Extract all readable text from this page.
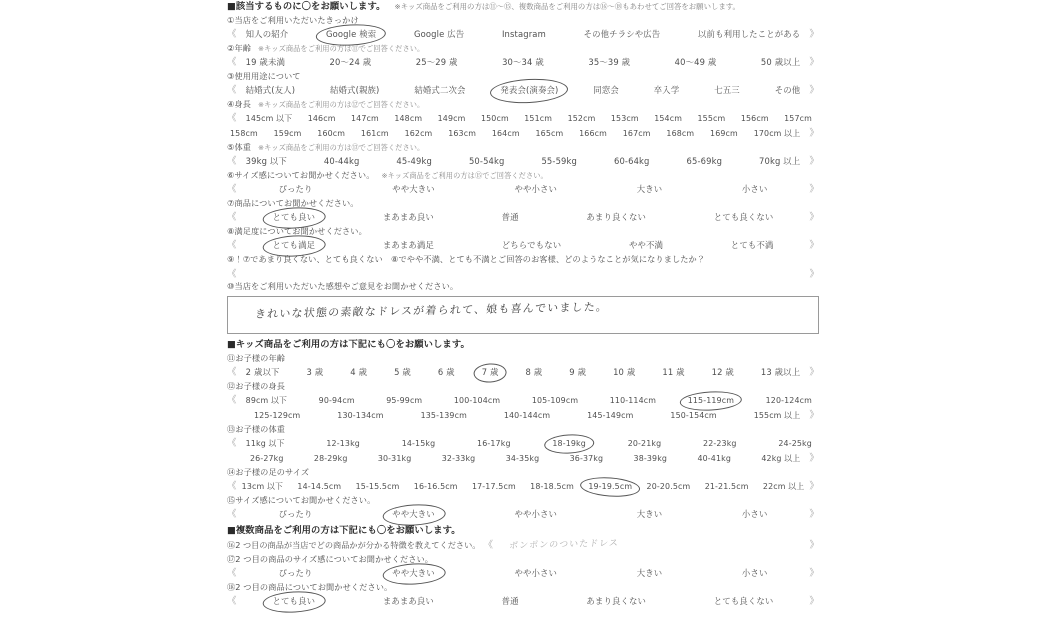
■該当するものに〇をお願いします。 ※キッズ商品をご利用の方は⑪～⑮、複数商品をご利用の方は⑯～⑱もあわせてご回答をお願いします。
①当店をご利用いただいたきっかけ
《 知人の紹介	Google 検索	Google 広告	Instagram	その他チラシや広告	以前も利用したことがある 》
②年齢 ※キッズ商品をご利用の方は⑪でご回答ください。
《 19 歳未満	20～24 歳	25～29 歳	30～34 歳	35～39 歳	40～49 歳	50 歳以上 》
③使用用途について
《 結婚式(友人)	結婚式(親族)	結婚式二次会	発表会(演奏会)	同窓会	卒入学	七五三	その他 》
④身長 ※キッズ商品をご利用の方は⑫でご回答ください。
《 145cm 以下 146cm 147cm 148cm 149cm 150cm 151cm 152cm 153cm 154cm 155cm 156cm 157cm
158cm 159cm 160cm 161cm 162cm 163cm 164cm 165cm 166cm 167cm 168cm 169cm 170cm 以上 》
⑤体重 ※キッズ商品をご利用の方は⑬でご回答ください。
《 39kg 以下	40-44kg	45-49kg	50-54kg	55-59kg	60-64kg	65-69kg	70kg 以上 》
⑥サイズ感についてお聞かせください。 ※キッズ商品をご利用の方は⑮でご回答ください。
《	ぴったり	やや大きい	やや小さい	大きい	小さい	》
⑦商品についてお聞かせください。
《	とても良い	まあまあ良い	普通	あまり良くない	とても良くない	》
⑧満足度についてお聞かせください。
《	とても満足	まあまあ満足	どちらでもない	やや不満	とても不満	》
⑨！⑦であまり良くない、とても良くない　⑧でやや不満、とても不満とご回答のお客様、どのようなことが気になりましたか？
《	》
⑩当店をご利用いただいた感想やご意見をお聞かせください。
きれいな状態の素敵なドレスが着られて、娘も喜んでいました。
■キッズ商品をご利用の方は下記にも〇をお願いします。
⑪お子様の年齢
《 2 歳以下	3 歳	4 歳	5 歳	6 歳	7 歳	8 歳	9 歳	10 歳	11 歳	12 歳	13 歳以上 》
⑫お子様の身長
《 89cm 以下	90-94cm	95-99cm	100-104cm	105-109cm	110-114cm	115-119cm	120-124cm
125-129cm	130-134cm	135-139cm	140-144cm	145-149cm	150-154cm	155cm 以上 》
⑬お子様の体重
《 11kg 以下	12-13kg	14-15kg	16-17kg	18-19kg	20-21kg	22-23kg	24-25kg
26-27kg	28-29kg	30-31kg	32-33kg	34-35kg	36-37kg	38-39kg	40-41kg	42kg 以上 》
⑭お子様の足のサイズ
《 13cm 以下 14-14.5cm 15-15.5cm 16-16.5cm 17-17.5cm 18-18.5cm 19-19.5cm 20-20.5cm 21-21.5cm 22cm 以上 》
⑮サイズ感についてお聞かせください。
《	ぴったり	やや大きい	やや小さい	大きい	小さい	》
■複数商品をご利用の方は下記にも〇をお願いします。
⑯2 つ目の商品が当店でどの商品かが分かる特徴を教えてください。 《 ポンポンのついたドレス	》
⑰2 つ目の商品のサイズ感についてお聞かせください。
《	ぴったり	やや大きい	やや小さい	大きい	小さい	》
⑱2 つ目の商品についてお聞かせください。
《	とても良い	まあまあ良い	普通	あまり良くない	とても良くない	》
